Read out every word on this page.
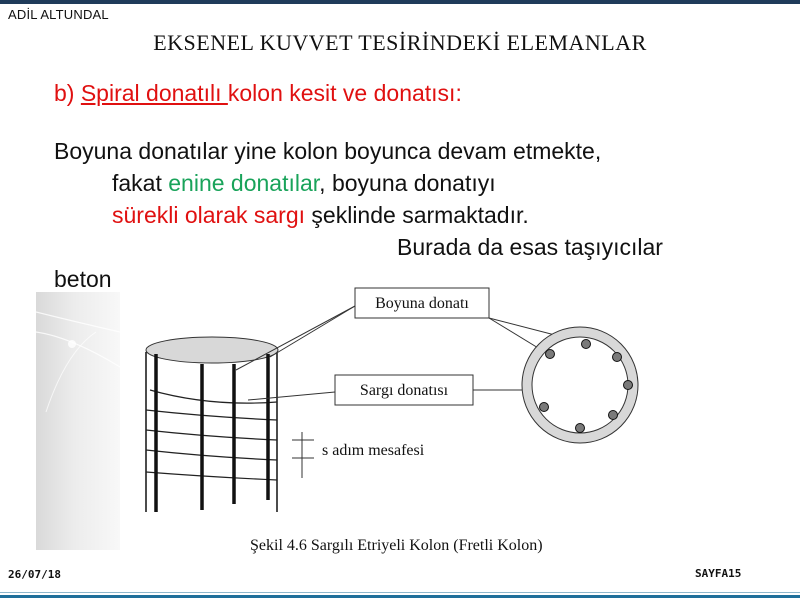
ADİL ALTUNDAL
EKSENEL KUVVET TESİRİNDEKİ ELEMANLAR
b) Spiral donatılı kolon kesit ve donatısı:
Boyuna donatılar yine kolon boyunca devam etmekte,
fakat enine donatılar, boyuna donatıyı
sürekli olarak sargı şeklinde sarmaktadır.
Burada da esas taşıyıcılar
beton
s adım mesafesi
Boyuna donatı
Sargı donatısı
Şekil 4.6 Sargılı Etriyeli Kolon (Fretli Kolon)
26/07/18	SAYFA15
